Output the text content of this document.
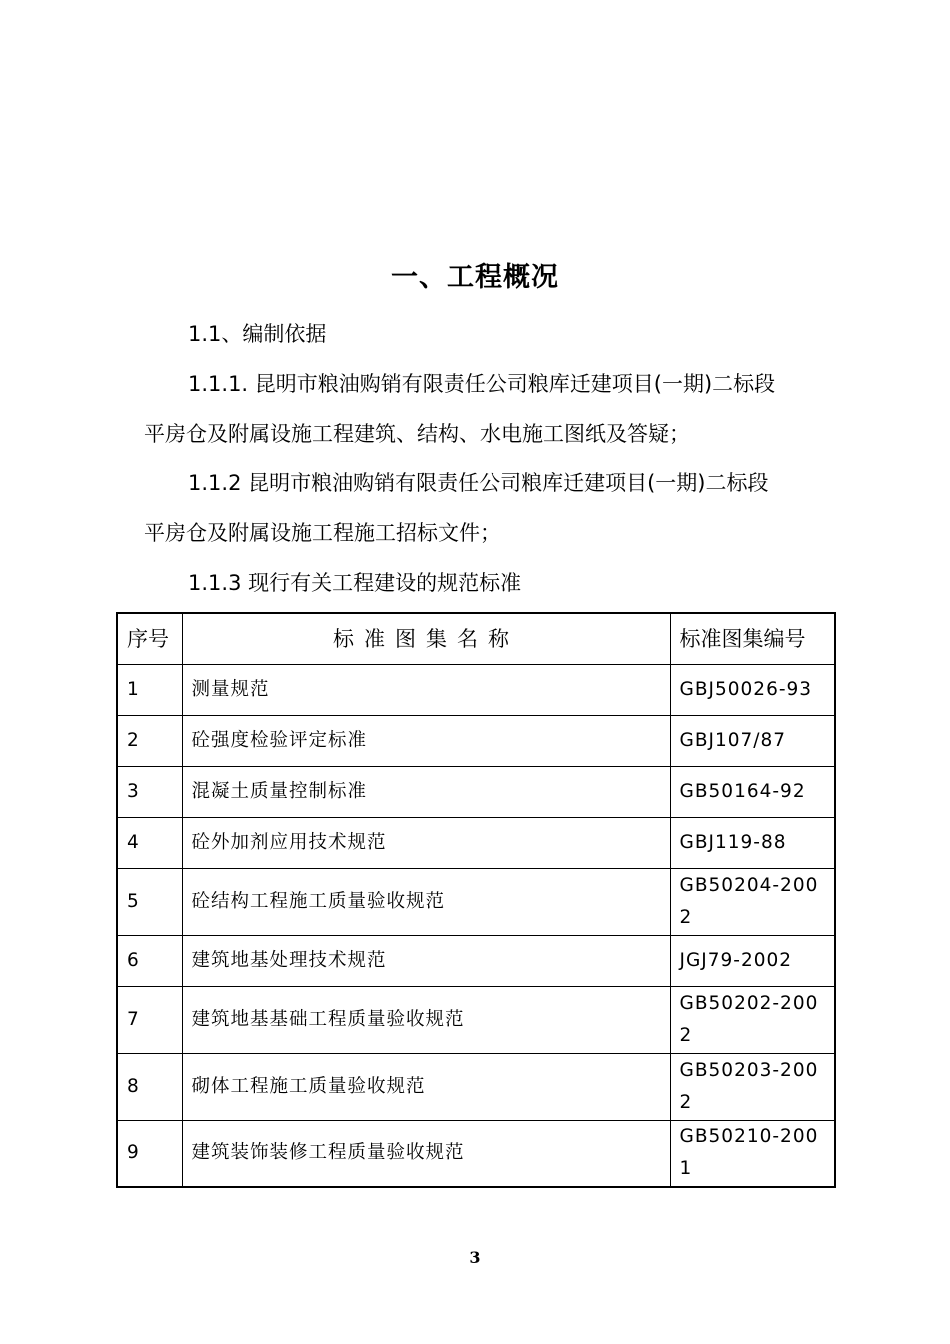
一、工程概况
1.1、编制依据
1.1.1. 昆明市粮油购销有限责任公司粮库迁建项目(一期)二标段
平房仓及附属设施工程建筑、结构、水电施工图纸及答疑；
1.1.2 昆明市粮油购销有限责任公司粮库迁建项目(一期)二标段
平房仓及附属设施工程施工招标文件；
1.1.3 现行有关工程建设的规范标准
序号	标准图集名称	标准图集编号
1	测量规范	GBJ50026-93
2	砼强度检验评定标准	GBJ107/87
3	混凝土质量控制标准	GB50164-92
4	砼外加剂应用技术规范	GBJ119-88
5	砼结构工程施工质量验收规范	GB50204-2002
6	建筑地基处理技术规范	JGJ79-2002
7	建筑地基基础工程质量验收规范	GB50202-2002
8	砌体工程施工质量验收规范	GB50203-2002
9	建筑装饰装修工程质量验收规范	GB50210-2001
3
